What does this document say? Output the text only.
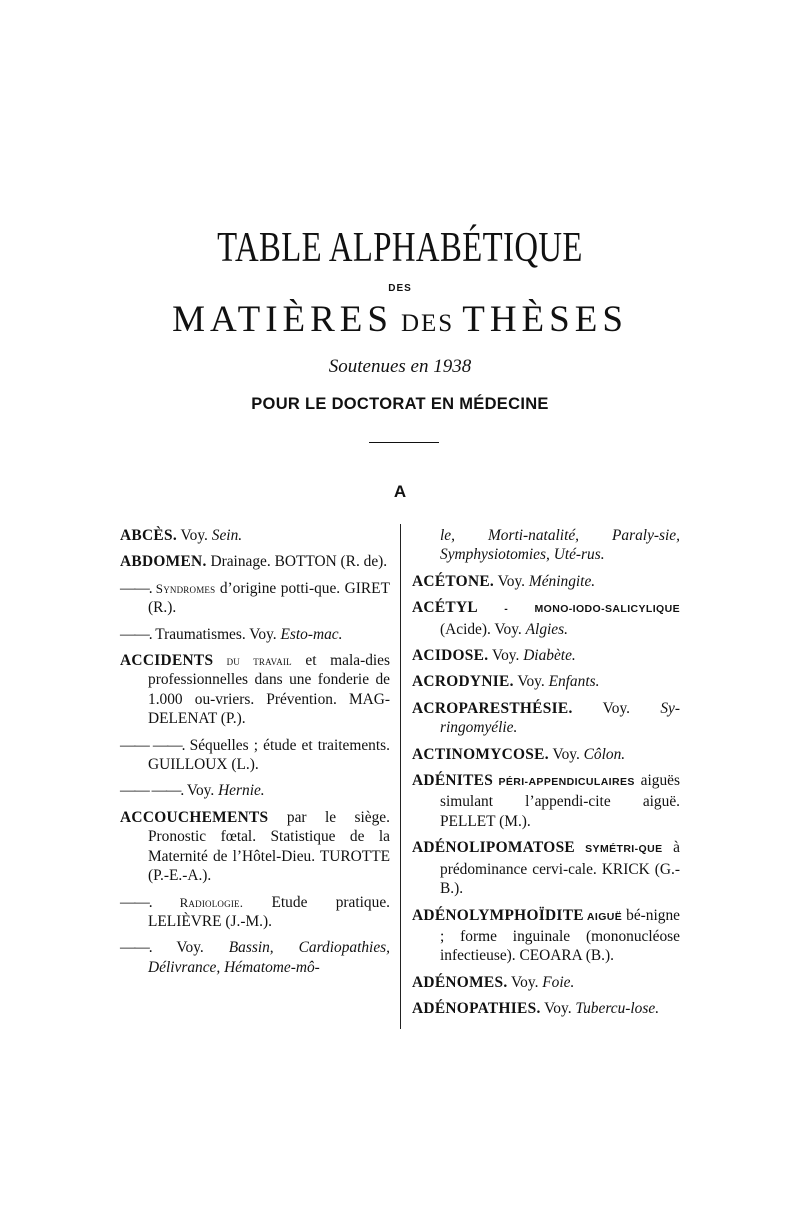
TABLE ALPHABÉTIQUE
DES
MATIÈRES DES THÈSES
Soutenues en 1938
POUR LE DOCTORAT EN MÉDECINE
A

ABCÈS. Voy. Sein.

ABDOMEN. Drainage. BOTTON (R. de).

——. Syndromes d’origine potti-que. GIRET (R.).

——. Traumatismes. Voy. Esto-mac.

ACCIDENTS du travail et mala-dies professionnelles dans une fonderie de 1.000 ou-vriers. Prévention. MAG-DELENAT (P.).

—— ——. Séquelles ; étude et traitements. GUILLOUX (L.).

—— ——. Voy. Hernie.

ACCOUCHEMENTS par le siège. Pronostic fœtal. Statistique de la Maternité de l’Hôtel-Dieu. TUROTTE (P.-E.-A.).

——. Radiologie. Etude pratique. LELIÈVRE (J.-M.).

——. Voy. Bassin, Cardiopathies, Délivrance, Hématome-mô-

le, Morti-natalité, Paraly-sie, Symphysiotomies, Uté-rus.

ACÉTONE. Voy. Méningite.

ACÉTYL - MONO-IODO-SALICYLIQUE (Acide). Voy. Algies.

ACIDOSE. Voy. Diabète.

ACRODYNIE. Voy. Enfants.

ACROPARESTHÉSIE. Voy. Sy-ringomyélie.

ACTINOMYCOSE. Voy. Côlon.

ADÉNITES PÉRI-APPENDICULAIRES aiguës simulant l’appendi-cite aiguë. PELLET (M.).

ADÉNOLIPOMATOSE SYMÉTRI-QUE à prédominance cervi-cale. KRICK (G.-B.).

ADÉNOLYMPHOÏDITE AIGUË bé-nigne ; forme inguinale (mononucléose infectieuse). CEOARA (B.).

ADÉNOMES. Voy. Foie.

ADÉNOPATHIES. Voy. Tubercu-lose.
